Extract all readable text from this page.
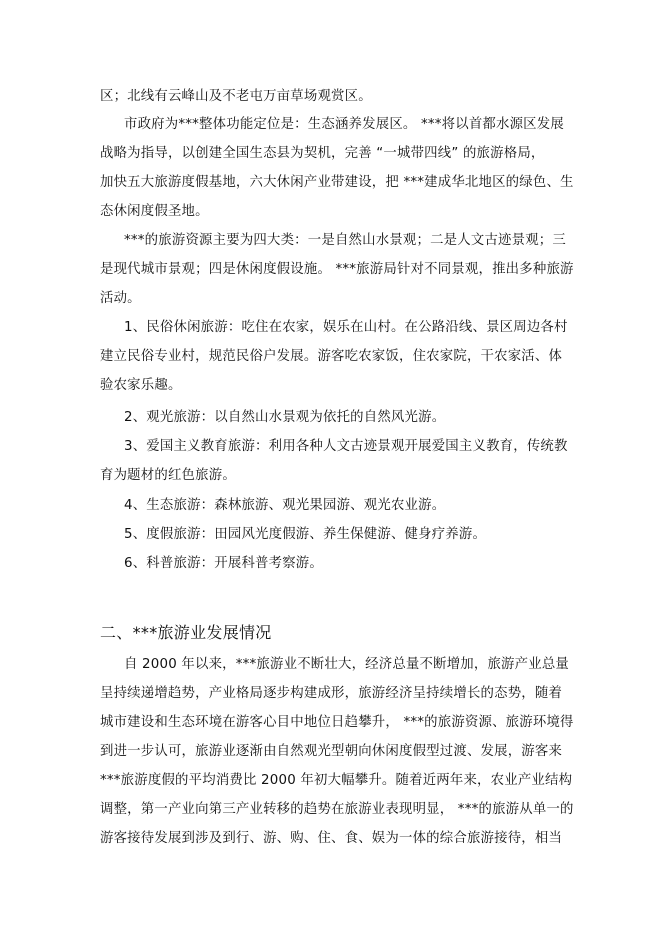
区；北线有云峰山及不老屯万亩草场观赏区。
市政府为***整体功能定位是：生态涵养发展区。 ***将以首都水源区发展
战略为指导，以创建全国生态县为契机，完善 “一城带四线” 的旅游格局，
加快五大旅游度假基地，六大休闲产业带建设，把 ***建成华北地区的绿色、生
态休闲度假圣地。
***的旅游资源主要为四大类：一是自然山水景观；二是人文古迹景观；三
是现代城市景观；四是休闲度假设施。 ***旅游局针对不同景观，推出多种旅游
活动。
1、民俗休闲旅游：吃住在农家，娱乐在山村。在公路沿线、景区周边各村
建立民俗专业村，规范民俗户发展。游客吃农家饭，住农家院，干农家活、体
验农家乐趣。
2、观光旅游：以自然山水景观为依托的自然风光游。
3、爱国主义教育旅游：利用各种人文古迹景观开展爱国主义教育，传统教
育为题材的红色旅游。
4、生态旅游：森林旅游、观光果园游、观光农业游。
5、度假旅游：田园风光度假游、养生保健游、健身疗养游。
6、科普旅游：开展科普考察游。
二、***旅游业发展情况
自 2000 年以来，***旅游业不断壮大，经济总量不断增加，旅游产业总量
呈持续递增趋势，产业格局逐步构建成形，旅游经济呈持续增长的态势，随着
城市建设和生态环境在游客心目中地位日趋攀升， ***的旅游资源、旅游环境得
到进一步认可，旅游业逐渐由自然观光型朝向休闲度假型过渡、发展，游客来
***旅游度假的平均消费比 2000 年初大幅攀升。随着近两年来，农业产业结构
调整，第一产业向第三产业转移的趋势在旅游业表现明显， ***的旅游从单一的
游客接待发展到涉及到行、游、购、住、食、娱为一体的综合旅游接待，相当
